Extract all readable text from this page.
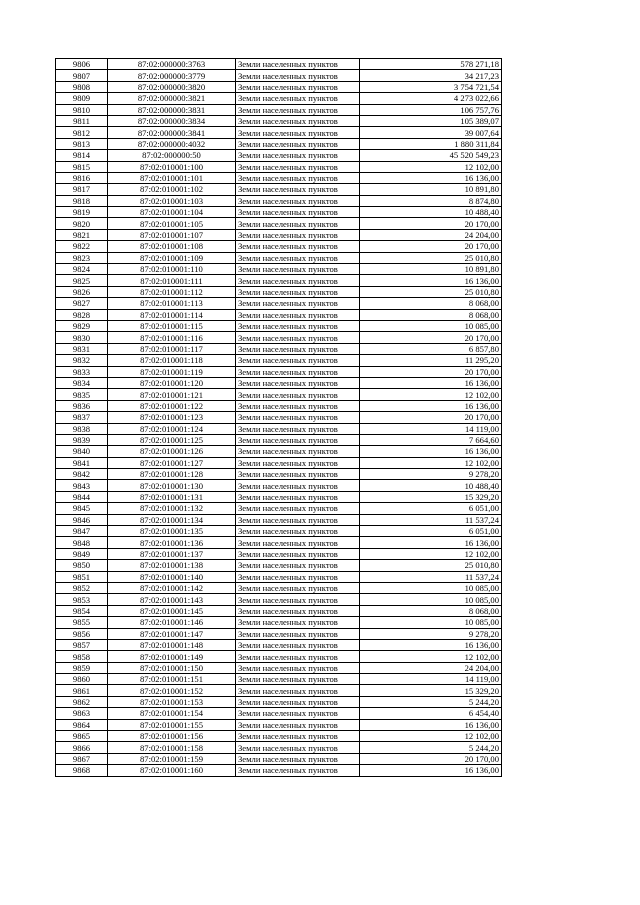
9806	87:02:000000:3763	Земли населенных пунктов	578 271,18
9807	87:02:000000:3779	Земли населенных пунктов	34 217,23
9808	87:02:000000:3820	Земли населенных пунктов	3 754 721,54
9809	87:02:000000:3821	Земли населенных пунктов	4 273 022,66
9810	87:02:000000:3831	Земли населенных пунктов	106 757,76
9811	87:02:000000:3834	Земли населенных пунктов	105 389,07
9812	87:02:000000:3841	Земли населенных пунктов	39 007,64
9813	87:02:000000:4032	Земли населенных пунктов	1 880 311,84
9814	87:02:000000:50	Земли населенных пунктов	45 520 549,23
9815	87:02:010001:100	Земли населенных пунктов	12 102,00
9816	87:02:010001:101	Земли населенных пунктов	16 136,00
9817	87:02:010001:102	Земли населенных пунктов	10 891,80
9818	87:02:010001:103	Земли населенных пунктов	8 874,80
9819	87:02:010001:104	Земли населенных пунктов	10 488,40
9820	87:02:010001:105	Земли населенных пунктов	20 170,00
9821	87:02:010001:107	Земли населенных пунктов	24 204,00
9822	87:02:010001:108	Земли населенных пунктов	20 170,00
9823	87:02:010001:109	Земли населенных пунктов	25 010,80
9824	87:02:010001:110	Земли населенных пунктов	10 891,80
9825	87:02:010001:111	Земли населенных пунктов	16 136,00
9826	87:02:010001:112	Земли населенных пунктов	25 010,80
9827	87:02:010001:113	Земли населенных пунктов	8 068,00
9828	87:02:010001:114	Земли населенных пунктов	8 068,00
9829	87:02:010001:115	Земли населенных пунктов	10 085,00
9830	87:02:010001:116	Земли населенных пунктов	20 170,00
9831	87:02:010001:117	Земли населенных пунктов	6 857,80
9832	87:02:010001:118	Земли населенных пунктов	11 295,20
9833	87:02:010001:119	Земли населенных пунктов	20 170,00
9834	87:02:010001:120	Земли населенных пунктов	16 136,00
9835	87:02:010001:121	Земли населенных пунктов	12 102,00
9836	87:02:010001:122	Земли населенных пунктов	16 136,00
9837	87:02:010001:123	Земли населенных пунктов	20 170,00
9838	87:02:010001:124	Земли населенных пунктов	14 119,00
9839	87:02:010001:125	Земли населенных пунктов	7 664,60
9840	87:02:010001:126	Земли населенных пунктов	16 136,00
9841	87:02:010001:127	Земли населенных пунктов	12 102,00
9842	87:02:010001:128	Земли населенных пунктов	9 278,20
9843	87:02:010001:130	Земли населенных пунктов	10 488,40
9844	87:02:010001:131	Земли населенных пунктов	15 329,20
9845	87:02:010001:132	Земли населенных пунктов	6 051,00
9846	87:02:010001:134	Земли населенных пунктов	11 537,24
9847	87:02:010001:135	Земли населенных пунктов	6 051,00
9848	87:02:010001:136	Земли населенных пунктов	16 136,00
9849	87:02:010001:137	Земли населенных пунктов	12 102,00
9850	87:02:010001:138	Земли населенных пунктов	25 010,80
9851	87:02:010001:140	Земли населенных пунктов	11 537,24
9852	87:02:010001:142	Земли населенных пунктов	10 085,00
9853	87:02:010001:143	Земли населенных пунктов	10 085,00
9854	87:02:010001:145	Земли населенных пунктов	8 068,00
9855	87:02:010001:146	Земли населенных пунктов	10 085,00
9856	87:02:010001:147	Земли населенных пунктов	9 278,20
9857	87:02:010001:148	Земли населенных пунктов	16 136,00
9858	87:02:010001:149	Земли населенных пунктов	12 102,00
9859	87:02:010001:150	Земли населенных пунктов	24 204,00
9860	87:02:010001:151	Земли населенных пунктов	14 119,00
9861	87:02:010001:152	Земли населенных пунктов	15 329,20
9862	87:02:010001:153	Земли населенных пунктов	5 244,20
9863	87:02:010001:154	Земли населенных пунктов	6 454,40
9864	87:02:010001:155	Земли населенных пунктов	16 136,00
9865	87:02:010001:156	Земли населенных пунктов	12 102,00
9866	87:02:010001:158	Земли населенных пунктов	5 244,20
9867	87:02:010001:159	Земли населенных пунктов	20 170,00
9868	87:02:010001:160	Земли населенных пунктов	16 136,00
